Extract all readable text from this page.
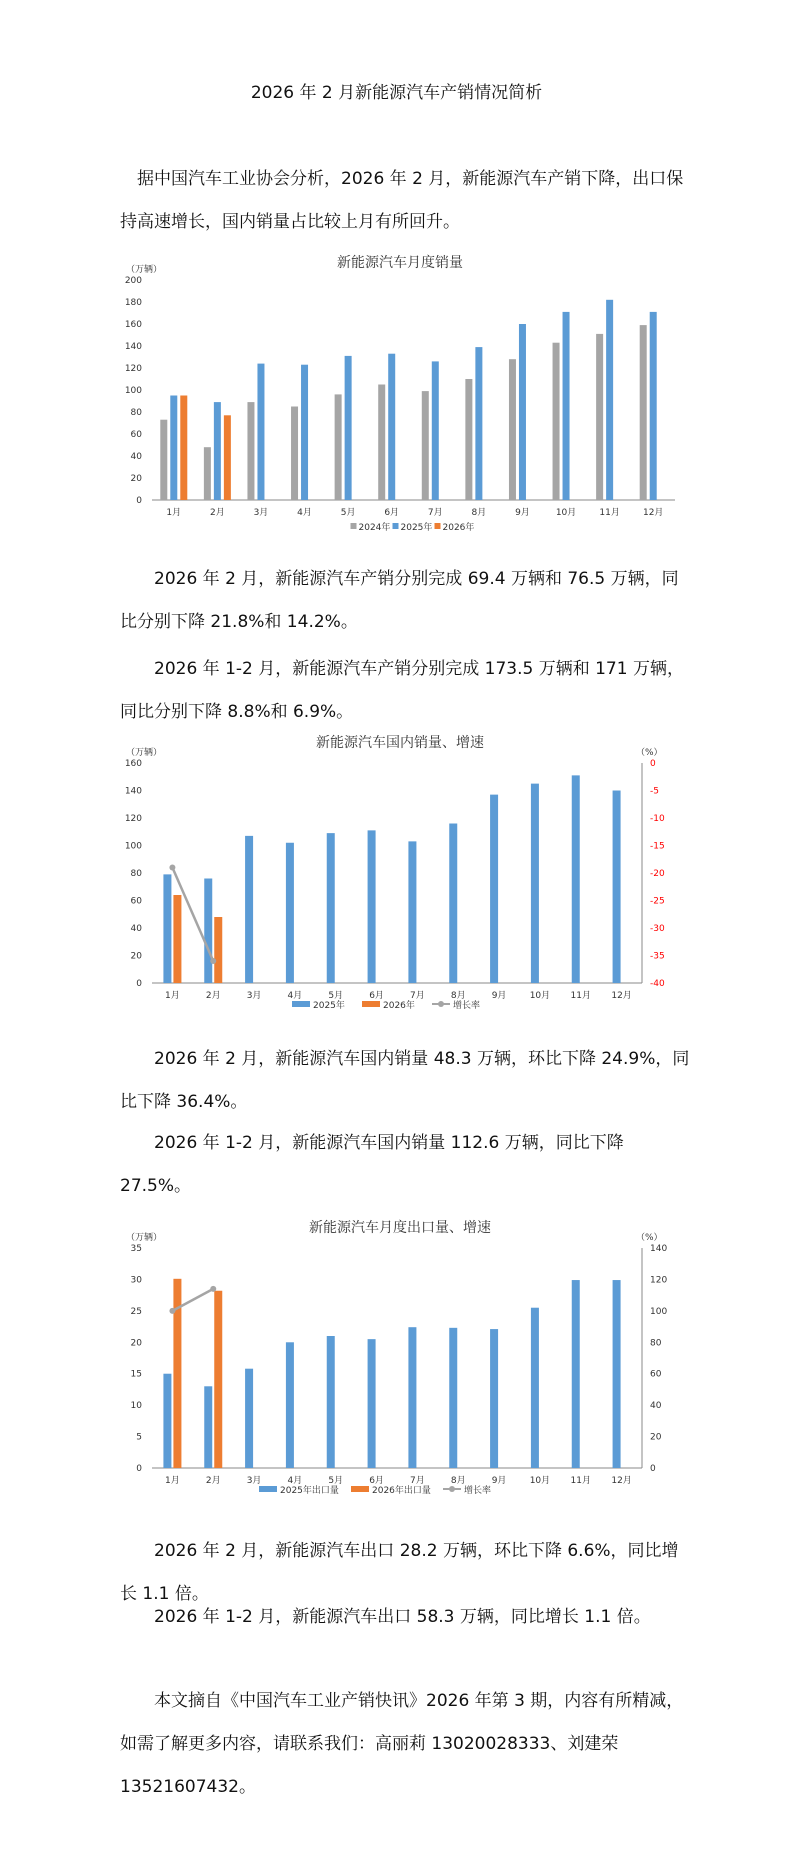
2026 年 2 月新能源汽车产销情况简析

据中国汽车工业协会分析，2026 年 2 月，新能源汽车产销下降，出口保持高速增长，国内销量占比较上月有所回升。

新能源汽车月度销量
（万辆）
0
20
40
60
80
100
120
140
160
180
200
1月	2月	3月	4月	5月	6月	7月	8月	9月	10月	11月	12月
2024年 2025年 2026年

2026 年 2 月，新能源汽车产销分别完成 69.4 万辆和 76.5 万辆，同比分别下降 21.8%和 14.2%。

2026 年 1-2 月，新能源汽车产销分别完成 173.5 万辆和 171 万辆，同比分别下降 8.8%和 6.9%。

新能源汽车国内销量、增速
（万辆）
0
20
40
60
80
100
120
140
160
（%）
0
-5
-10
-15
-20
-25
-30
-35
-40
1月	2月	3月	4月	5月	6月	7月	8月	9月	10月 11月 12月
2025年	2026年	增长率

2026 年 2 月，新能源汽车国内销量 48.3 万辆，环比下降 24.9%，同比下降 36.4%。

2026 年 1-2 月，新能源汽车国内销量 112.6 万辆，同比下降 27.5%。

新能源汽车月度出口量、增速
（万辆）
0
5
10
15
20
25
30
35
（%）
0
20
40
60
80
100
120
140
1月	2月	3月	4月	5月	6月	7月	8月	9月	10月 11月 12月
2025年出口量	2026年出口量	增长率

2026 年 2 月，新能源汽车出口 28.2 万辆，环比下降 6.6%，同比增长 1.1 倍。

2026 年 1-2 月，新能源汽车出口 58.3 万辆，同比增长 1.1 倍。

本文摘自《中国汽车工业产销快讯》2026 年第 3 期，内容有所精减，如需了解更多内容，请联系我们：高丽莉 13020028333、刘建荣 13521607432。
